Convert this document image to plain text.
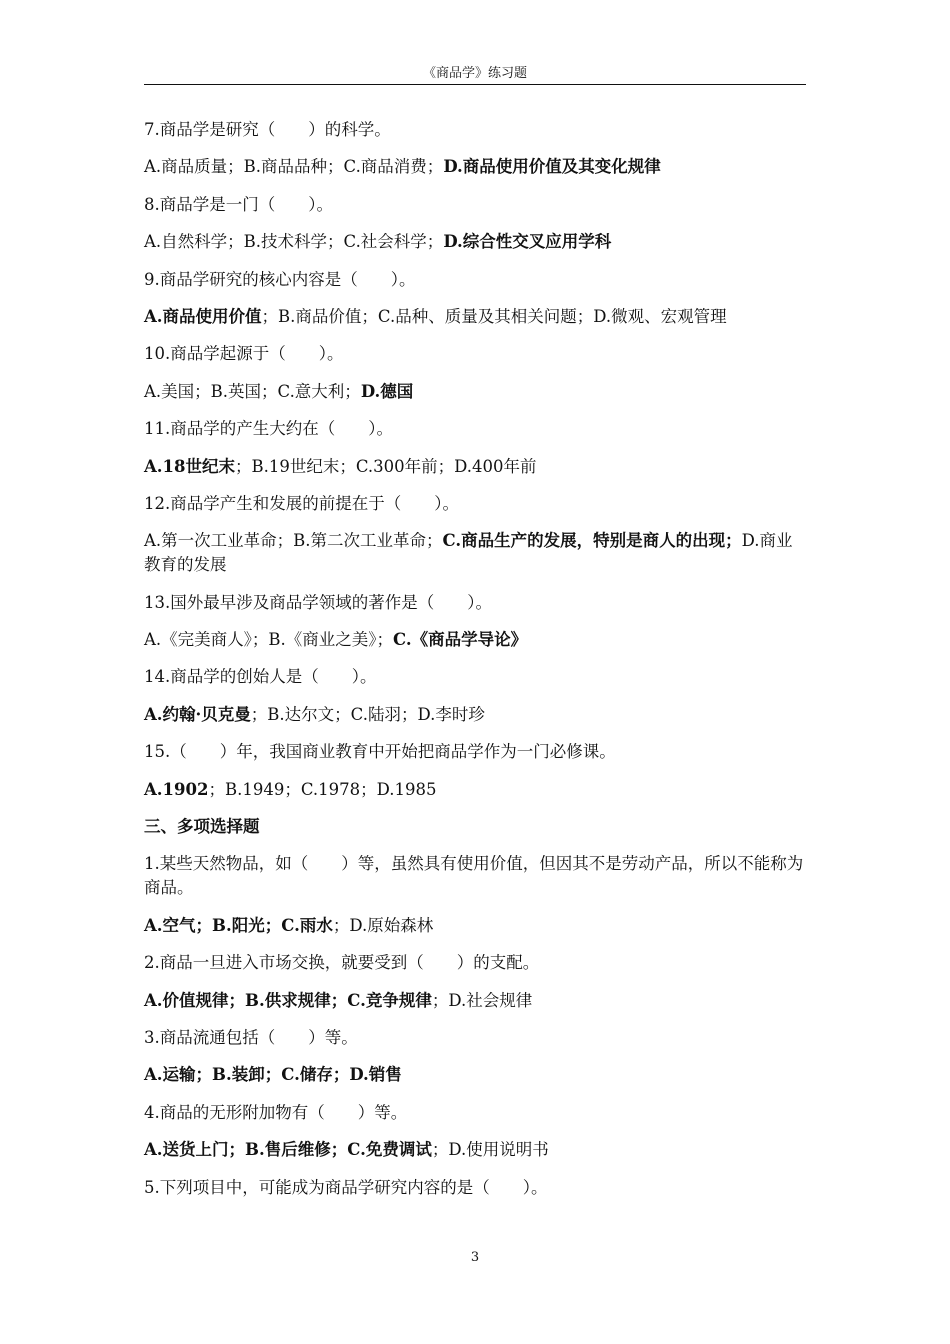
《商品学》练习题

7.商品学是研究（　　）的科学。

A.商品质量；B.商品品种；C.商品消费；D.商品使用价值及其变化规律

8.商品学是一门（　　）。

A.自然科学；B.技术科学；C.社会科学；D.综合性交叉应用学科

9.商品学研究的核心内容是（　　）。

A.商品使用价值；B.商品价值；C.品种、质量及其相关问题；D.微观、宏观管理

10.商品学起源于（　　）。

A.美国；B.英国；C.意大利；D.德国

11.商品学的产生大约在（　　）。

A.18世纪末；B.19世纪末；C.300年前；D.400年前

12.商品学产生和发展的前提在于（　　）。

A.第一次工业革命；B.第二次工业革命；C.商品生产的发展，特别是商人的出现；D.商业教育的发展

13.国外最早涉及商品学领域的著作是（　　）。

A.《完美商人》；B.《商业之美》；C.《商品学导论》

14.商品学的创始人是（　　）。

A.约翰·贝克曼；B.达尔文；C.陆羽；D.李时珍

15.（　　）年，我国商业教育中开始把商品学作为一门必修课。

A.1902；B.1949；C.1978；D.1985

三、多项选择题

1.某些天然物品，如（　　）等，虽然具有使用价值，但因其不是劳动产品，所以不能称为商品。

A.空气；B.阳光；C.雨水；D.原始森林

2.商品一旦进入市场交换，就要受到（　　）的支配。

A.价值规律；B.供求规律；C.竞争规律；D.社会规律

3.商品流通包括（　　）等。

A.运输；B.装卸；C.储存；D.销售

4.商品的无形附加物有（　　）等。

A.送货上门；B.售后维修；C.免费调试；D.使用说明书

5.下列项目中，可能成为商品学研究内容的是（　　）。

3
